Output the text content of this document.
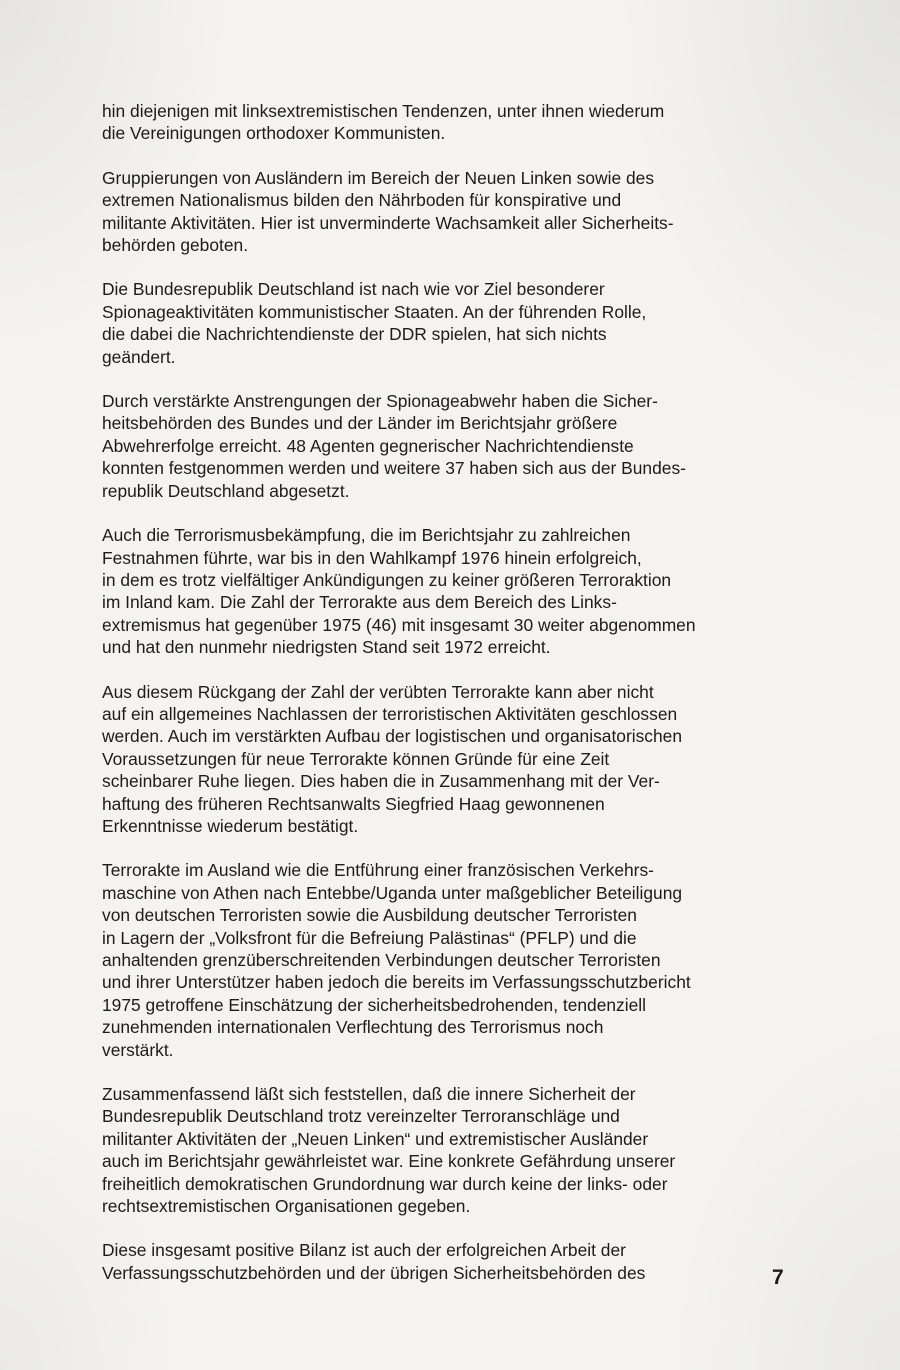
hin diejenigen mit linksextremistischen Tendenzen, unter ihnen wiederum
die Vereinigungen orthodoxer Kommunisten.

Gruppierungen von Ausländern im Bereich der Neuen Linken sowie des
extremen Nationalismus bilden den Nährboden für konspirative und
militante Aktivitäten. Hier ist unverminderte Wachsamkeit aller Sicherheits-
behörden geboten.

Die Bundesrepublik Deutschland ist nach wie vor Ziel besonderer
Spionageaktivitäten kommunistischer Staaten. An der führenden Rolle,
die dabei die Nachrichtendienste der DDR spielen, hat sich nichts
geändert.

Durch verstärkte Anstrengungen der Spionageabwehr haben die Sicher-
heitsbehörden des Bundes und der Länder im Berichtsjahr größere
Abwehrerfolge erreicht. 48 Agenten gegnerischer Nachrichtendienste
konnten festgenommen werden und weitere 37 haben sich aus der Bundes-
republik Deutschland abgesetzt.

Auch die Terrorismusbekämpfung, die im Berichtsjahr zu zahlreichen
Festnahmen führte, war bis in den Wahlkampf 1976 hinein erfolgreich,
in dem es trotz vielfältiger Ankündigungen zu keiner größeren Terroraktion
im Inland kam. Die Zahl der Terrorakte aus dem Bereich des Links-
extremismus hat gegenüber 1975 (46) mit insgesamt 30 weiter abgenommen
und hat den nunmehr niedrigsten Stand seit 1972 erreicht.

Aus diesem Rückgang der Zahl der verübten Terrorakte kann aber nicht
auf ein allgemeines Nachlassen der terroristischen Aktivitäten geschlossen
werden. Auch im verstärkten Aufbau der logistischen und organisatorischen
Voraussetzungen für neue Terrorakte können Gründe für eine Zeit
scheinbarer Ruhe liegen. Dies haben die in Zusammenhang mit der Ver-
haftung des früheren Rechtsanwalts Siegfried Haag gewonnenen
Erkenntnisse wiederum bestätigt.

Terrorakte im Ausland wie die Entführung einer französischen Verkehrs-
maschine von Athen nach Entebbe/Uganda unter maßgeblicher Beteiligung
von deutschen Terroristen sowie die Ausbildung deutscher Terroristen
in Lagern der „Volksfront für die Befreiung Palästinas“ (PFLP) und die
anhaltenden grenzüberschreitenden Verbindungen deutscher Terroristen
und ihrer Unterstützer haben jedoch die bereits im Verfassungsschutzbericht
1975 getroffene Einschätzung der sicherheitsbedrohenden, tendenziell
zunehmenden internationalen Verflechtung des Terrorismus noch
verstärkt.

Zusammenfassend läßt sich feststellen, daß die innere Sicherheit der
Bundesrepublik Deutschland trotz vereinzelter Terroranschläge und
militanter Aktivitäten der „Neuen Linken“ und extremistischer Ausländer
auch im Berichtsjahr gewährleistet war. Eine konkrete Gefährdung unserer
freiheitlich demokratischen Grundordnung war durch keine der links- oder
rechtsextremistischen Organisationen gegeben.

Diese insgesamt positive Bilanz ist auch der erfolgreichen Arbeit der
Verfassungsschutzbehörden und der übrigen Sicherheitsbehörden des	7
